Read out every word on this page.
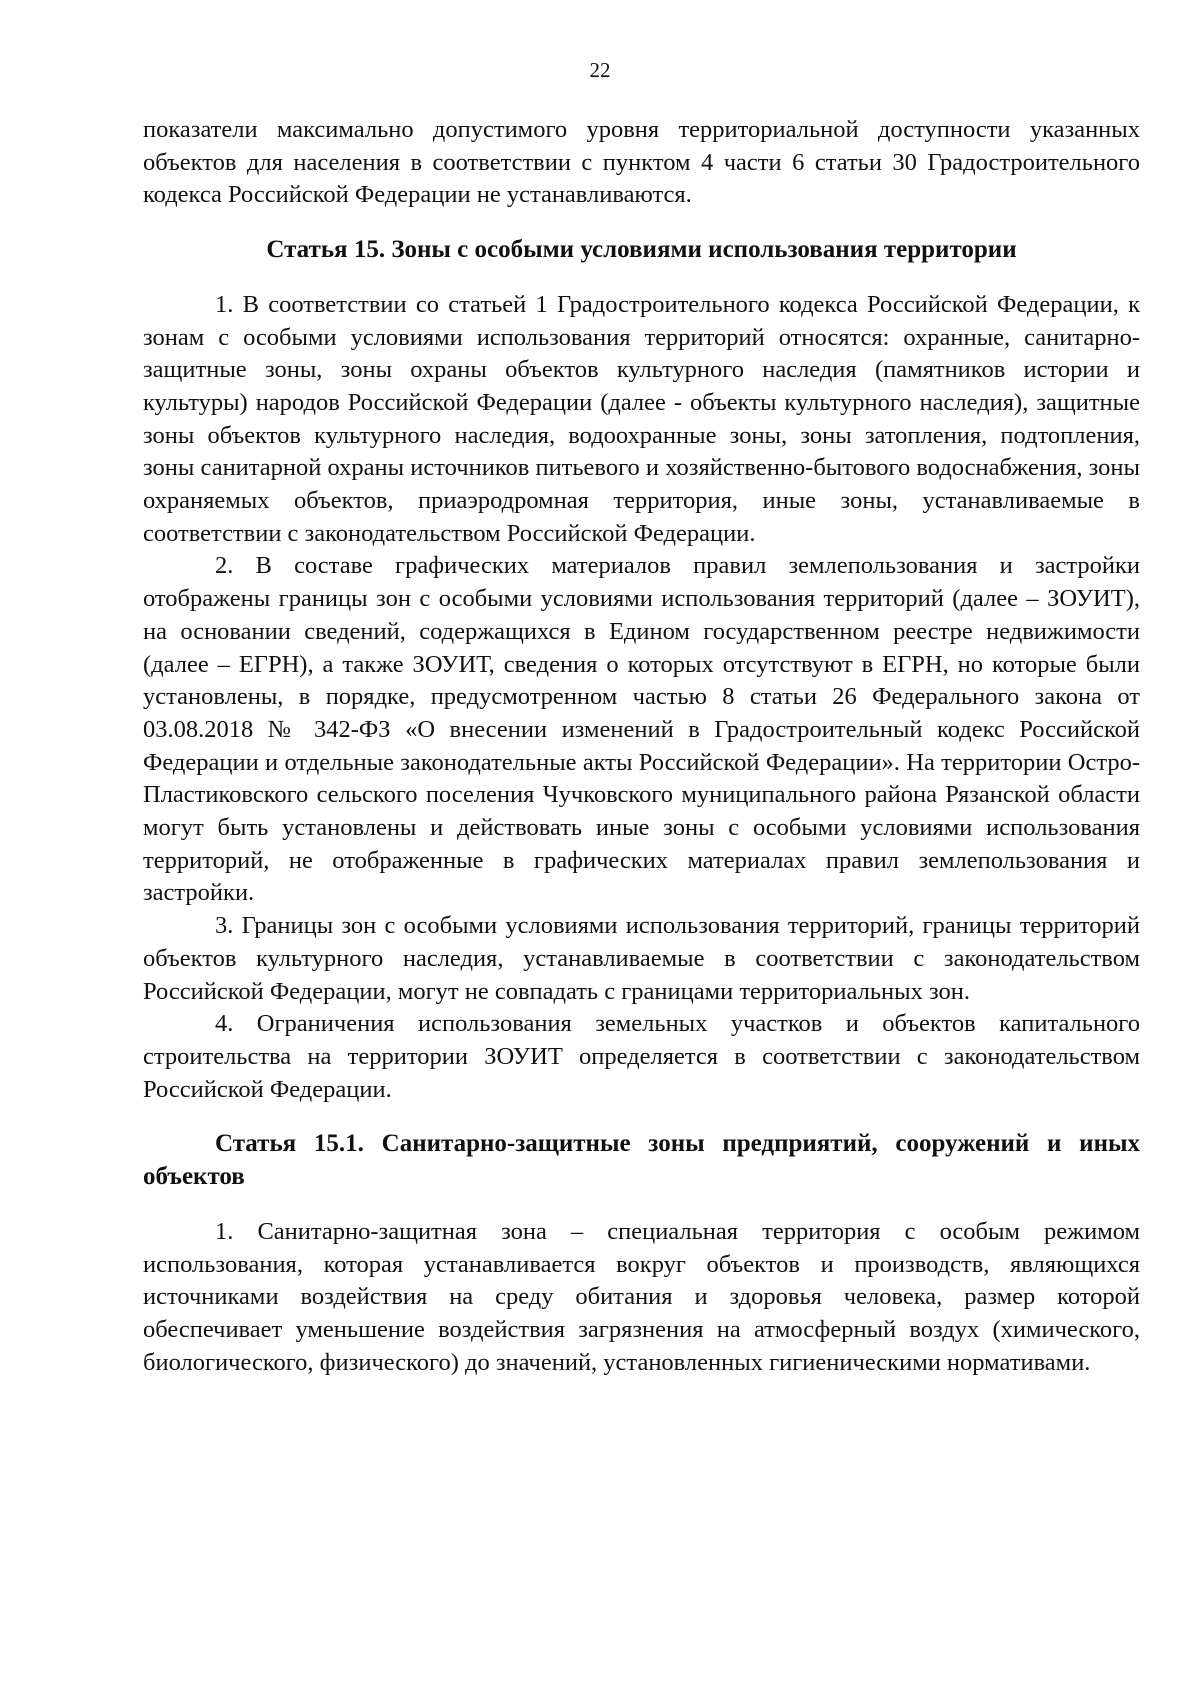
22

показатели максимально допустимого уровня территориальной доступности указанных объектов для населения в соответствии с пунктом 4 части 6 статьи 30 Градостроительного кодекса Российской Федерации не устанавливаются.

Статья 15. Зоны с особыми условиями использования территории

1. В соответствии со статьей 1 Градостроительного кодекса Российской Федерации, к зонам с особыми условиями использования территорий относятся: охранные, санитарно-защитные зоны, зоны охраны объектов культурного наследия (памятников истории и культуры) народов Российской Федерации (далее - объекты культурного наследия), защитные зоны объектов культурного наследия, водоохранные зоны, зоны затопления, подтопления, зоны санитарной охраны источников питьевого и хозяйственно-бытового водоснабжения, зоны охраняемых объектов, приаэродромная территория, иные зоны, устанавливаемые в соответствии с законодательством Российской Федерации.

2. В составе графических материалов правил землепользования и застройки отображены границы зон с особыми условиями использования территорий (далее – ЗОУИТ), на основании сведений, содержащихся в Едином государственном реестре недвижимости (далее – ЕГРН), а также ЗОУИТ, сведения о которых отсутствуют в ЕГРН, но которые были установлены, в порядке, предусмотренном частью 8 статьи 26 Федерального закона от 03.08.2018 № 342-ФЗ «О внесении изменений в Градостроительный кодекс Российской Федерации и отдельные законодательные акты Российской Федерации». На территории Остро-Пластиковского сельского поселения Чучковского муниципального района Рязанской области могут быть установлены и действовать иные зоны с особыми условиями использования территорий, не отображенные в графических материалах правил землепользования и застройки.

3. Границы зон с особыми условиями использования территорий, границы территорий объектов культурного наследия, устанавливаемые в соответствии с законодательством Российской Федерации, могут не совпадать с границами территориальных зон.

4. Ограничения использования земельных участков и объектов капитального строительства на территории ЗОУИТ определяется в соответствии с законодательством Российской Федерации.

Статья 15.1. Санитарно-защитные зоны предприятий, сооружений и иных объектов

1. Санитарно-защитная зона – специальная территория с особым режимом использования, которая устанавливается вокруг объектов и производств, являющихся источниками воздействия на среду обитания и здоровья человека, размер которой обеспечивает уменьшение воздействия загрязнения на атмосферный воздух (химического, биологического, физического) до значений, установленных гигиеническими нормативами.
